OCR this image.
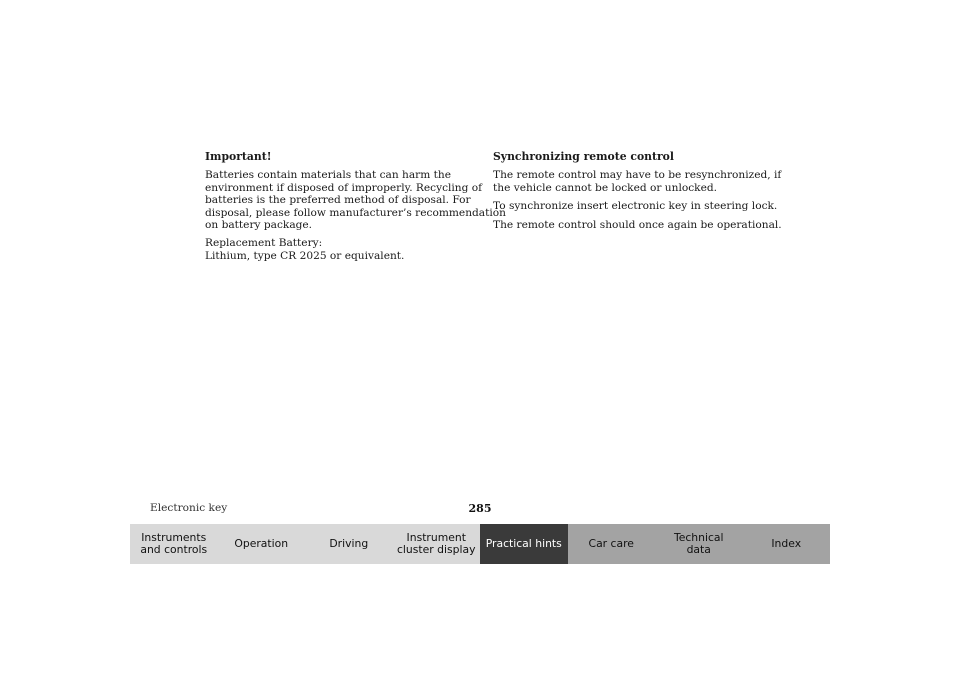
Important!
Batteries contain materials that can harm the
environment if disposed of improperly. Recycling of
batteries is the preferred method of disposal. For
disposal, please follow manufacturer’s recommendation
on battery package.
Replacement Battery:
Lithium, type CR 2025 or equivalent.
Synchronizing remote control
The remote control may have to be resynchronized, if
the vehicle cannot be locked or unlocked.
To synchronize insert electronic key in steering lock.
The remote control should once again be operational.
Electronic key	285
Instruments
and controls	Operation	Driving	Instrument
cluster display Practical hints Car care	Technical
data	Index
